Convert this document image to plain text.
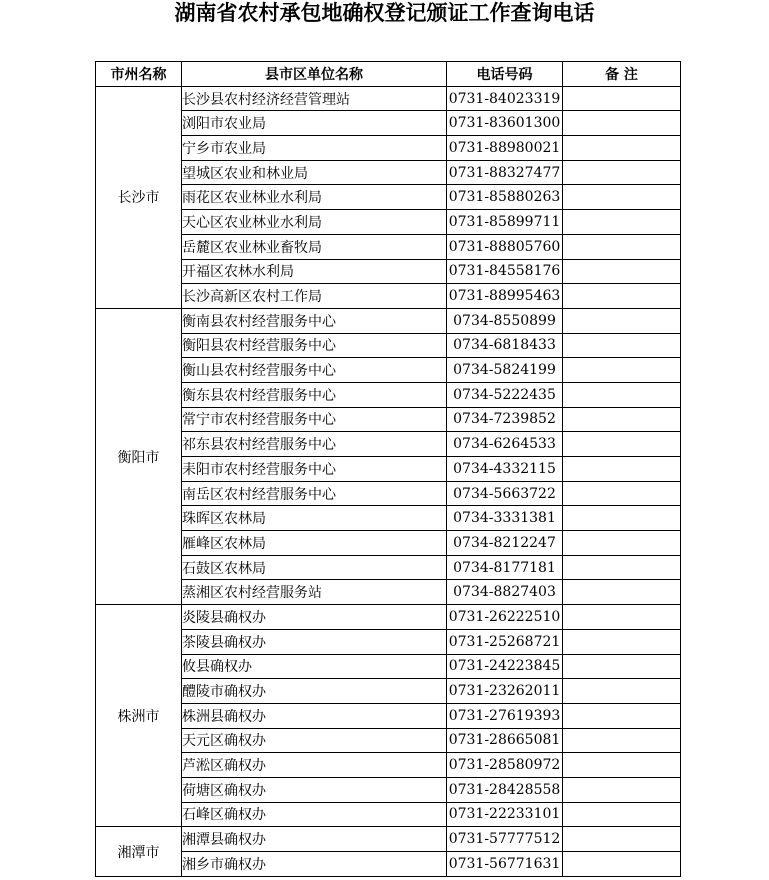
湖南省农村承包地确权登记颁证工作查询电话
市州名称	县市区单位名称	电话号码	备 注
长沙市	长沙县农村经济经营管理站	0731-84023319	
	浏阳市农业局	0731-83601300	
	宁乡市农业局	0731-88980021	
	望城区农业和林业局	0731-88327477	
	雨花区农业林业水利局	0731-85880263	
	天心区农业林业水利局	0731-85899711	
	岳麓区农业林业畜牧局	0731-88805760	
	开福区农林水利局	0731-84558176	
	长沙高新区农村工作局	0731-88995463	
衡阳市	衡南县农村经营服务中心	0734-8550899	
	衡阳县农村经营服务中心	0734-6818433	
	衡山县农村经营服务中心	0734-5824199	
	衡东县农村经营服务中心	0734-5222435	
	常宁市农村经营服务中心	0734-7239852	
	祁东县农村经营服务中心	0734-6264533	
	耒阳市农村经营服务中心	0734-4332115	
	南岳区农村经营服务中心	0734-5663722	
	珠晖区农林局	0734-3331381	
	雁峰区农林局	0734-8212247	
	石鼓区农林局	0734-8177181	
	蒸湘区农村经营服务站	0734-8827403	
株洲市	炎陵县确权办	0731-26222510	
	茶陵县确权办	0731-25268721	
	攸县确权办	0731-24223845	
	醴陵市确权办	0731-23262011	
	株洲县确权办	0731-27619393	
	天元区确权办	0731-28665081	
	芦淞区确权办	0731-28580972	
	荷塘区确权办	0731-28428558	
	石峰区确权办	0731-22233101	
湘潭市	湘潭县确权办	0731-57777512	
	湘乡市确权办	0731-56771631	
